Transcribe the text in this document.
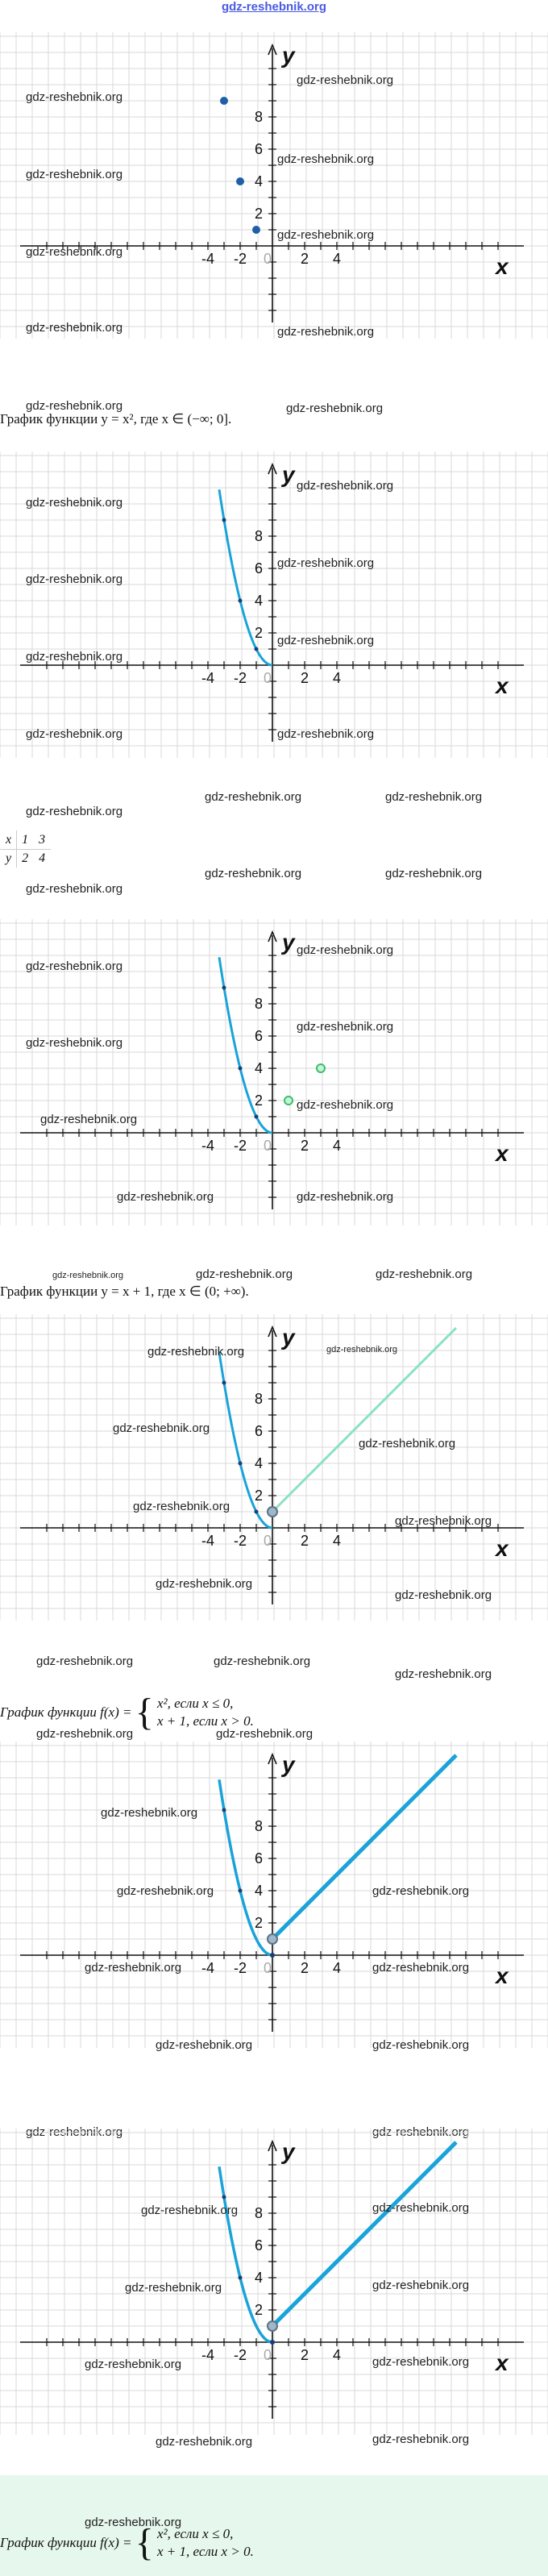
gdz-reshebnik.org
-4 -2 0 2 4
2
4
6
8
x
y
gdz-reshebnik.org
gdz-reshebnik.org
gdz-reshebnik.org
gdz-reshebnik.org
gdz-reshebnik.org
gdz-reshebnik.org
gdz-reshebnik.org	gdz-reshebnik.org
gdz-reshebnik.org	gdz-reshebnik.org
График функции y = x², где x ∈ (−∞; 0].
-4 -2 0 2 4
2
4
6
8
x
y
gdz-reshebnik.org
gdz-reshebnik.org
gdz-reshebnik.org
gdz-reshebnik.org
gdz-reshebnik.org
gdz-reshebnik.org
gdz-reshebnik.org	gdz-reshebnik.org
gdz-reshebnik.org	gdz-reshebnik.org
gdz-reshebnik.org
x	1	3
y	2	4
gdz-reshebnik.org	gdz-reshebnik.org
gdz-reshebnik.org
-4 -2 0 2 4
2
4
6
8
x
y
gdz-reshebnik.org
gdz-reshebnik.org
gdz-reshebnik.org
gdz-reshebnik.org
gdz-reshebnik.org
gdz-reshebnik.org
gdz-reshebnik.org	gdz-reshebnik.org
gdz-reshebnik.org	gdz-reshebnik.org	gdz-reshebnik.org
График функции y = x + 1, где x ∈ (0; +∞).
-4 -2 0 2 4
2
4
6
8
x
y
gdz-reshebnik.org	gdz-reshebnik.org
gdz-reshebnik.org
gdz-reshebnik.org
gdz-reshebnik.org
gdz-reshebnik.org
gdz-reshebnik.org
gdz-reshebnik.org
gdz-reshebnik.org	gdz-reshebnik.org
gdz-reshebnik.org
График функции f(x) = { x², если x ≤ 0,
x + 1, если x > 0.
gdz-reshebnik.org	gdz-reshebnik.org
-4 -2 0 2 4
2
4
6
8
x
y
gdz-reshebnik.org
gdz-reshebnik.org	gdz-reshebnik.org
gdz-reshebnik.org	gdz-reshebnik.org
gdz-reshebnik.org	gdz-reshebnik.org
gdz-reshebnik.org	gdz-reshebnik.org
-4 -2 0 2 4
2
4
6
8
x
y
gdz-reshebnik.org	gdz-reshebnik.org
gdz-reshebnik.org	gdz-reshebnik.org
gdz-reshebnik.org	gdz-reshebnik.org
gdz-reshebnik.org	gdz-reshebnik.org
gdz-reshebnik.org
График функции f(x) = { x², если x ≤ 0,
x + 1, если x > 0.
